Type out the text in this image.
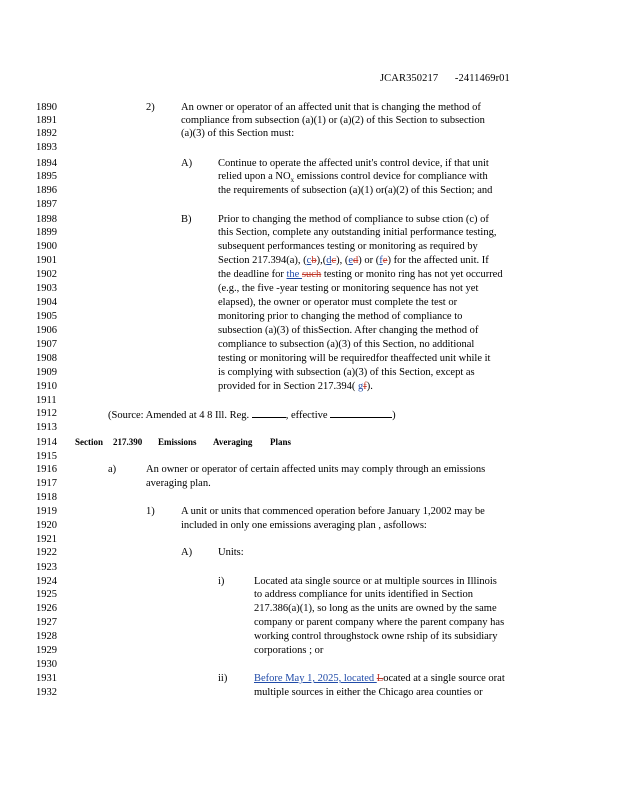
JCAR350217 -2411469r01
1890
1891
1892
1893
1894
1895
1896
1897
1898
1899
1900
1901
1902
1903
1904
1905
1906
1907
1908
1909
1910
1911
1912
1913
1914
1915
1916
1917
1918
1919
1920
1921
1922
1923
1924
1925
1926
1927
1928
1929
1930
1931
1932
2)	An owner or operator of an affected unit that is changing the method of
compliance from subsection (a)(1) or (a)(2) of this Section to subsection
(a)(3) of this Section must:
A) Continue to operate the affected unit's control device, if that unit
relied upon a $NO_x$ emissions control device for compliance with
the requirements of subsection (a)(1) or(a)(2) of this Section; and
B)	Prior to changing the method of compliance to subse ction (c) of
this Section, complete any outstanding initial performance testing,
subsequent performances testing or monitoring as required by
Section 217.394(a), (cb),(dc), (ed) or (fe) for the affected unit. If
the deadline for the such testing or monito ring has not yet occurred
(e.g., the five -year testing or monitoring sequence has not yet
elapsed), the owner or operator must complete the test or
monitoring prior to changing the method of compliance to
subsection (a)(3) of thisSection. After changing the method of
compliance to subsection (a)(3) of this Section, no additional
testing or monitoring will be requiredfor theaffected unit while it
is complying with subsection (a)(3) of this Section, except as
provided for in Section 217.394( gf).
(Source: Amended at 4 8 Ill. Reg.	, effective	)
Section 217.390 Emissions Averaging Plans
a)	An owner or operator of certain affected units may comply through an emissions
averaging plan.
1)	A unit or units that commenced operation before January 1,2002 may be
included in only one emissions averaging plan , asfollows:
A) Units:
i)	Located ata single source or at multiple sources in Illinois
to address compliance for units identified in Section
217.386(a)(1), so long as the units are owned by the same
company or parent company where the parent company has
working control throughstock owne rship of its subsidiary
corporations ; or
ii)	Before May 1, 2025, located Located at a single source orat
multiple sources in either the Chicago area counties or
